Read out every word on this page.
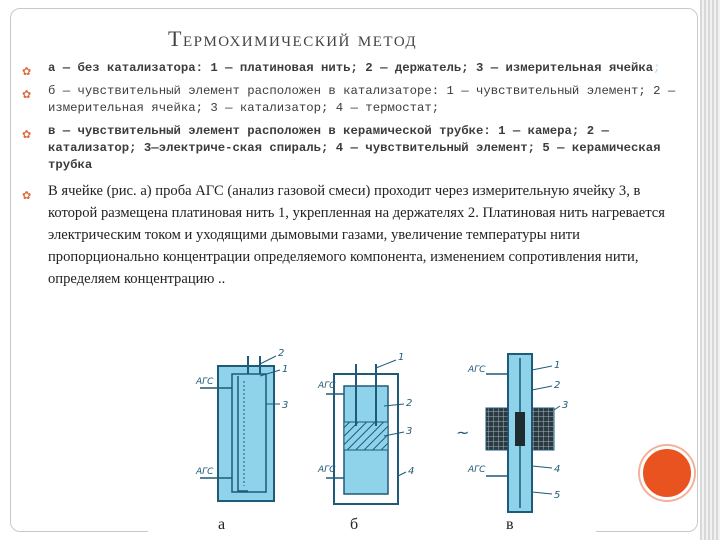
Термохимический метод
✿ а — без катализатора: 1 — платиновая нить; 2 — держатель; 3 — измерительная ячейка;
✿ б — чувствительный элемент расположен в катализаторе: 1 — чувствительный элемент; 2 — измерительная ячейка; 3 — катализатор; 4 — термостат;
✿ в — чувствительный элемент расположен в керамической трубке: 1 — камера; 2 — катализатор; 3—электриче-ская спираль; 4 — чувствительный элемент; 5 — керамическая трубка
✿ В ячейке (рис. а) проба АГС (анализ газовой смеси) проходит через измерительную ячейку 3, в которой размещена платиновая нить 1, укрепленная на держателях 2. Платиновая нить нагревается электрическим током и уходящими дымовыми газами, увеличение температуры нити пропорционально концентрации определяемого компонента, изменением сопротивления нити, определяем концентрацию ..
АГС
АГС
2
1
3
АГС
АГС
1
2
3
4
АГС
АГС
~
1
2
3
4
5
а	б	в
